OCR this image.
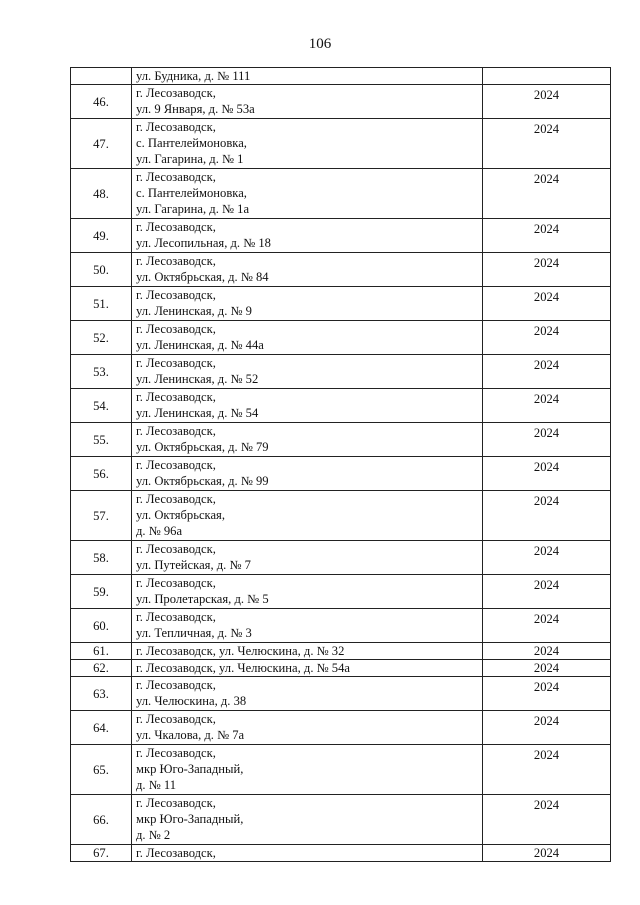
106

	ул. Будника, д. № 111	

46.	г. Лесозаводск,
ул. 9 Января, д. № 53а	2024
47.	г. Лесозаводск,
с. Пантелеймоновка,
ул. Гагарина, д. № 1	2024
48.	г. Лесозаводск,
с. Пантелеймоновка,
ул. Гагарина, д. № 1а	2024
49.	г. Лесозаводск,
ул. Лесопильная, д. № 18	2024
50.	г. Лесозаводск,
ул. Октябрьская, д. № 84	2024
51.	г. Лесозаводск,
ул. Ленинская, д. № 9	2024
52.	г. Лесозаводск,
ул. Ленинская, д. № 44а	2024
53.	г. Лесозаводск,
ул. Ленинская, д. № 52	2024
54.	г. Лесозаводск,
ул. Ленинская, д. № 54	2024
55.	г. Лесозаводск,
ул. Октябрьская, д. № 79	2024
56.	г. Лесозаводск,
ул. Октябрьская, д. № 99	2024
57.	г. Лесозаводск,
ул. Октябрьская,
д. № 96а	2024
58.	г. Лесозаводск,
ул. Путейская, д. № 7	2024
59.	г. Лесозаводск,
ул. Пролетарская, д. № 5	2024
60.	г. Лесозаводск,
ул. Тепличная, д. № 3	2024
61.	г. Лесозаводск, ул. Челюскина, д. № 32	2024
62.	г. Лесозаводск, ул. Челюскина, д. № 54а	2024
63.	г. Лесозаводск,
ул. Челюскина, д. 38	2024
64.	г. Лесозаводск,
ул. Чкалова, д. № 7а	2024
65.	г. Лесозаводск,
мкр Юго-Западный,
д. № 11	2024
66.	г. Лесозаводск,
мкр Юго-Западный,
д. № 2	2024
67.	г. Лесозаводск,	2024
